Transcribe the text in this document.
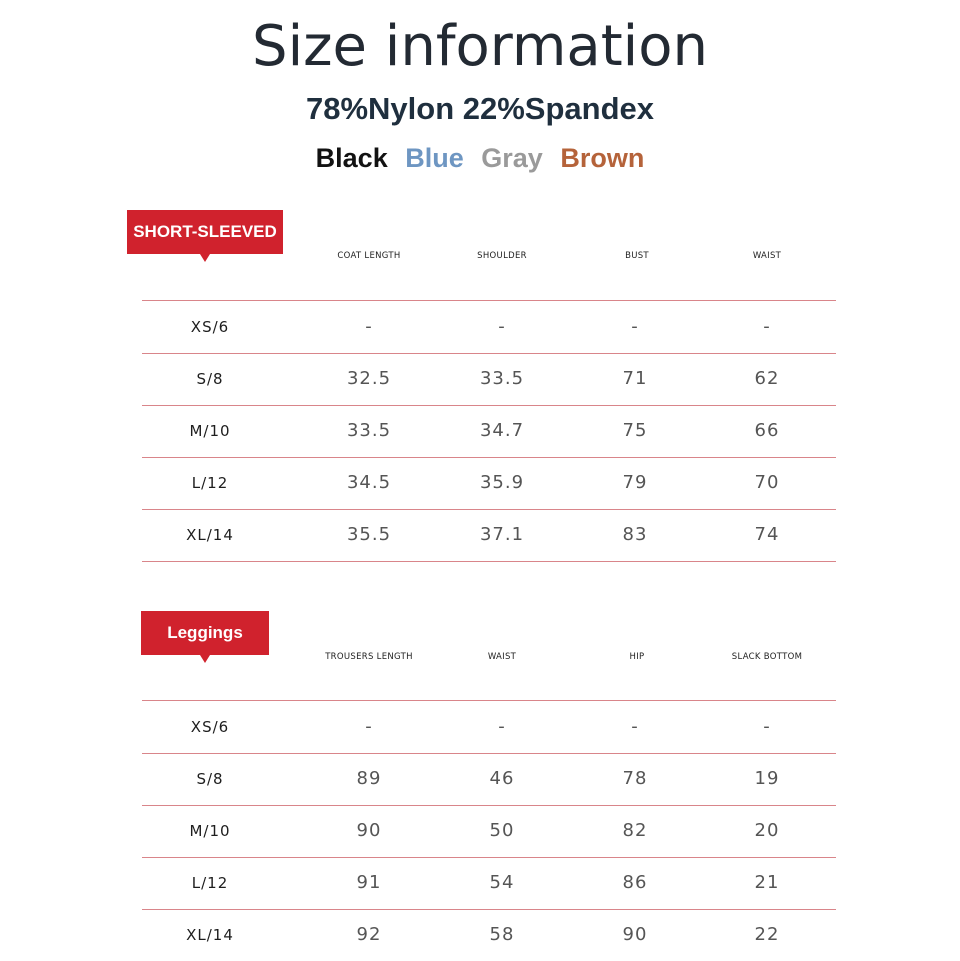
Size information
78%Nylon 22%Spandex
Black Blue Gray Brown
SHORT-SLEEVED
COAT LENGTH	SHOULDER	BUST	WAIST
XS/6	-	-	-	-
S/8	32.5	33.5	71	62
M/10	33.5	34.7	75	66
L/12	34.5	35.9	79	70
XL/14	35.5	37.1	83	74
Leggings
TROUSERS LENGTH	WAIST	HIP	SLACK BOTTOM
XS/6	-	-	-	-
S/8	89	46	78	19
M/10	90	50	82	20
L/12	91	54	86	21
XL/14	92	58	90	22
